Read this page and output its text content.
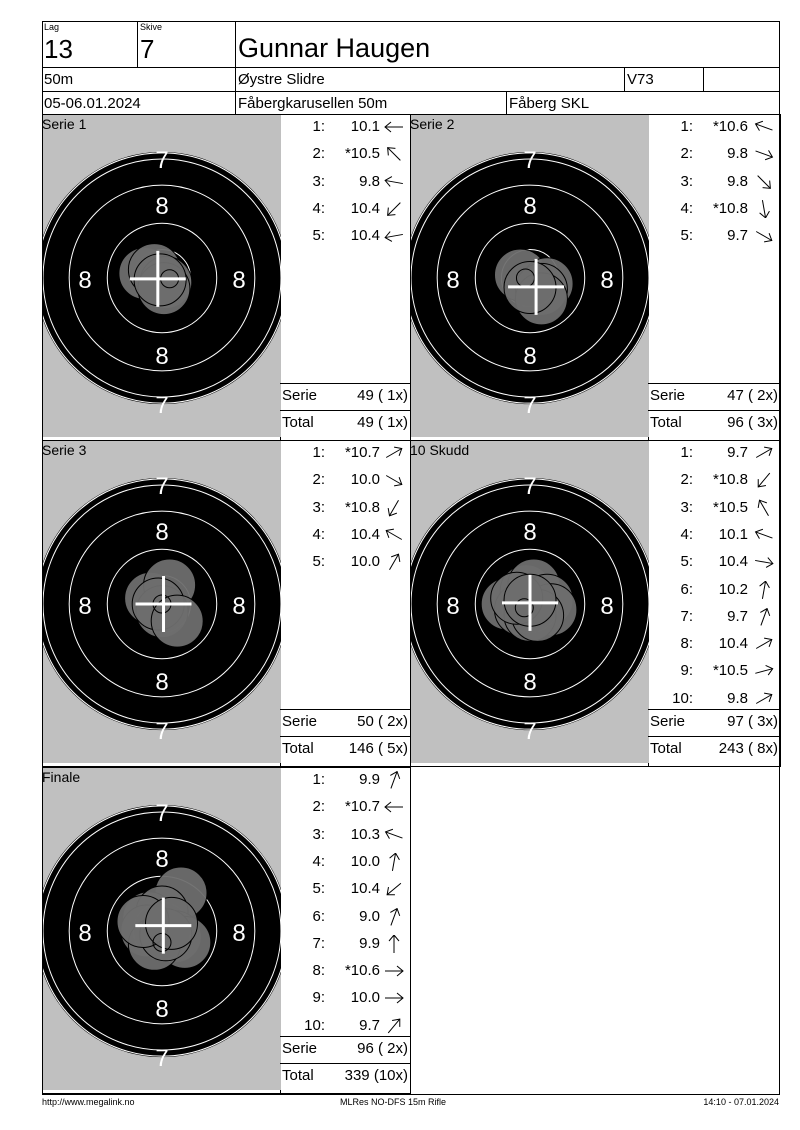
Lag
13
Skive
7	Gunnar Haugen
50m	Øystre Slidre	V73
05-06.01.2024	Fåbergkarusellen 50m	Fåberg SKL
7
7
8
8
8	8
Serie 1	1:	10.1
2:	*10.5
3:	9.8
4:	10.4
5:	10.4
Serie	49 ( 1x)
Total	49 ( 1x)
7
7
8
8
8	8
Serie 2	1:	*10.6
2:	9.8
3:	9.8
4:	*10.8
5:	9.7
Serie	47 ( 2x)
Total	96 ( 3x)
7
7
8
8
8	8
Serie 3	1:	*10.7
2:	10.0
3:	*10.8
4:	10.4
5:	10.0
Serie	50 ( 2x)
Total	146 ( 5x)
7
7
8
8
8	8
10 Skudd	1:	9.7
2:	*10.8
3:	*10.5
4:	10.1
5:	10.4
6:	10.2
7:	9.7
8:	10.4
9:	*10.5
10:	9.8
Serie	97 ( 3x)
Total	243 ( 8x)
7
7
8
8
8	8
Finale	1:	9.9
2:	*10.7
3:	10.3
4:	10.0
5:	10.4
6:	9.0
7:	9.9
8:	*10.6
9:	10.0
10:	9.7
Serie	96 ( 2x)
Total	339 (10x)
http://www.megalink.no	MLRes NO-DFS 15m Rifle	14:10 - 07.01.2024
